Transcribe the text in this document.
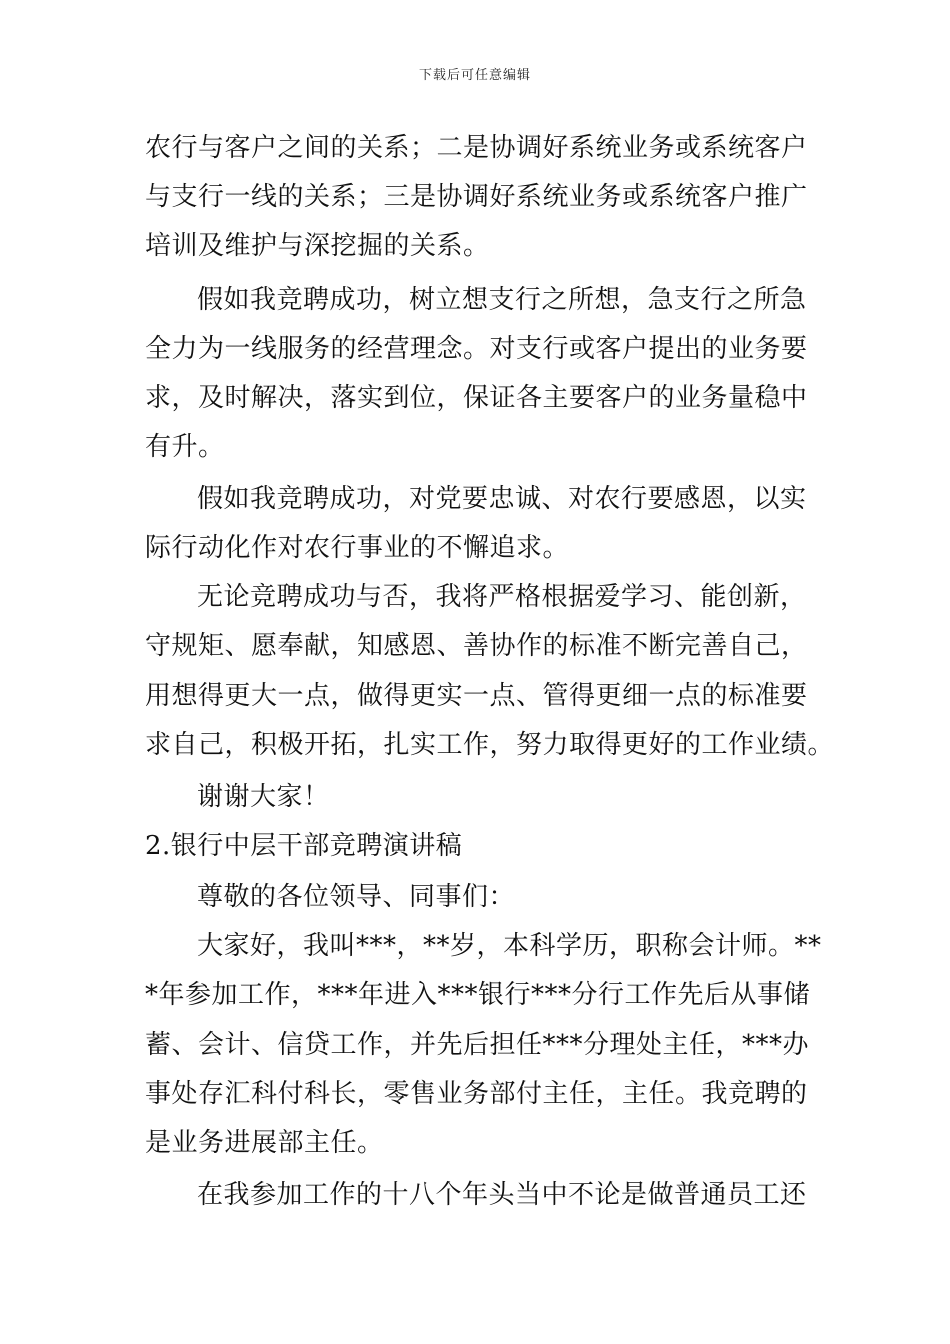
下载后可任意编辑
农行与客户之间的关系；二是协调好系统业务或系统客户
与支行一线的关系；三是协调好系统业务或系统客户推广
培训及维护与深挖掘的关系。
假如我竞聘成功，树立想支行之所想，急支行之所急
全力为一线服务的经营理念。对支行或客户提出的业务要
求，及时解决，落实到位，保证各主要客户的业务量稳中
有升。
假如我竞聘成功，对党要忠诚、对农行要感恩，以实
际行动化作对农行事业的不懈追求。
无论竞聘成功与否，我将严格根据爱学习、能创新，
守规矩、愿奉献，知感恩、善协作的标准不断完善自己，
用想得更大一点，做得更实一点、管得更细一点的标准要
求自己，积极开拓，扎实工作，努力取得更好的工作业绩。
谢谢大家！
2.银行中层干部竞聘演讲稿
尊敬的各位领导、同事们：
大家好，我叫***，**岁，本科学历，职称会计师。**
*年参加工作，***年进入***银行***分行工作先后从事储
蓄、会计、信贷工作，并先后担任***分理处主任，***办
事处存汇科付科长，零售业务部付主任，主任。我竞聘的
是业务进展部主任。
在我参加工作的十八个年头当中不论是做普通员工还
